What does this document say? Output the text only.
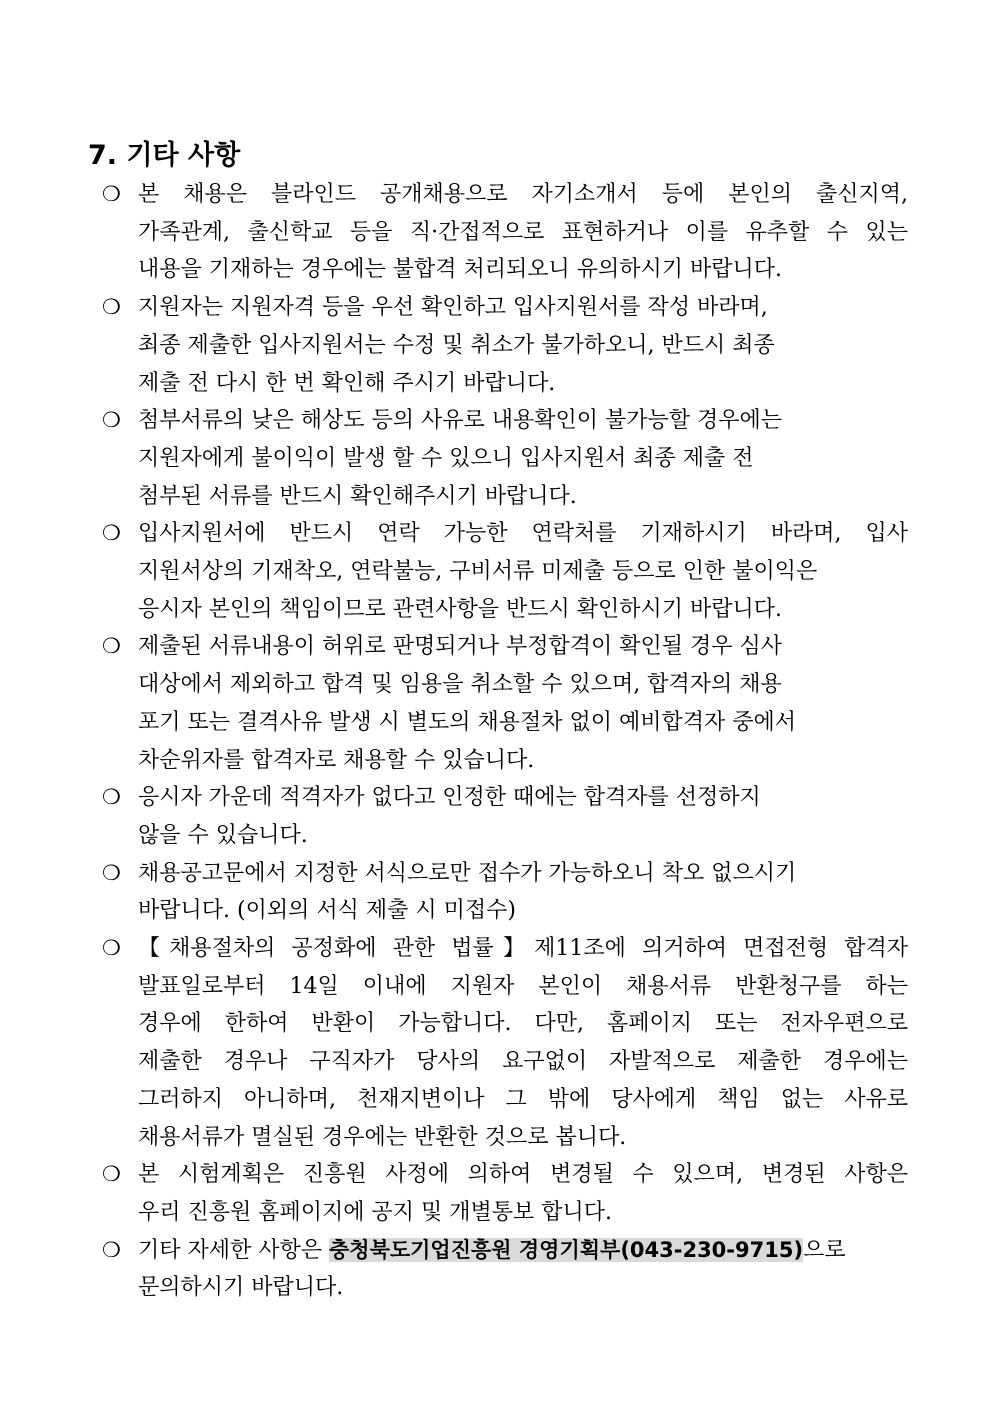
7. 기타 사항
❍ 본 채용은 블라인드 공개채용으로 자기소개서 등에 본인의 출신지역,
가족관계, 출신학교 등을 직·간접적으로 표현하거나 이를 유추할 수 있는
내용을 기재하는 경우에는 불합격 처리되오니 유의하시기 바랍니다.
❍ 지원자는 지원자격 등을 우선 확인하고 입사지원서를 작성 바라며,
최종 제출한 입사지원서는 수정 및 취소가 불가하오니, 반드시 최종
제출 전 다시 한 번 확인해 주시기 바랍니다.
❍ 첨부서류의 낮은 해상도 등의 사유로 내용확인이 불가능할 경우에는
지원자에게 불이익이 발생 할 수 있으니 입사지원서 최종 제출 전
첨부된 서류를 반드시 확인해주시기 바랍니다.
❍ 입사지원서에 반드시 연락 가능한 연락처를 기재하시기 바라며, 입사
지원서상의 기재착오, 연락불능, 구비서류 미제출 등으로 인한 불이익은
응시자 본인의 책임이므로 관련사항을 반드시 확인하시기 바랍니다.
❍ 제출된 서류내용이 허위로 판명되거나 부정합격이 확인될 경우 심사
대상에서 제외하고 합격 및 임용을 취소할 수 있으며, 합격자의 채용
포기 또는 결격사유 발생 시 별도의 채용절차 없이 예비합격자 중에서
차순위자를 합격자로 채용할 수 있습니다.
❍ 응시자 가운데 적격자가 없다고 인정한 때에는 합격자를 선정하지
않을 수 있습니다.
❍ 채용공고문에서 지정한 서식으로만 접수가 가능하오니 착오 없으시기
바랍니다. (이외의 서식 제출 시 미접수)
❍ 【채용절차의 공정화에 관한 법률】제11조에 의거하여 면접전형 합격자
발표일로부터 14일 이내에 지원자 본인이 채용서류 반환청구를 하는
경우에 한하여 반환이 가능합니다. 다만, 홈페이지 또는 전자우편으로
제출한 경우나 구직자가 당사의 요구없이 자발적으로 제출한 경우에는
그러하지 아니하며, 천재지변이나 그 밖에 당사에게 책임 없는 사유로
채용서류가 멸실된 경우에는 반환한 것으로 봅니다.
❍ 본 시험계획은 진흥원 사정에 의하여 변경될 수 있으며, 변경된 사항은
우리 진흥원 홈페이지에 공지 및 개별통보 합니다.
❍ 기타 자세한 사항은 충청북도기업진흥원 경영기획부(043-230-9715)으로
문의하시기 바랍니다.
